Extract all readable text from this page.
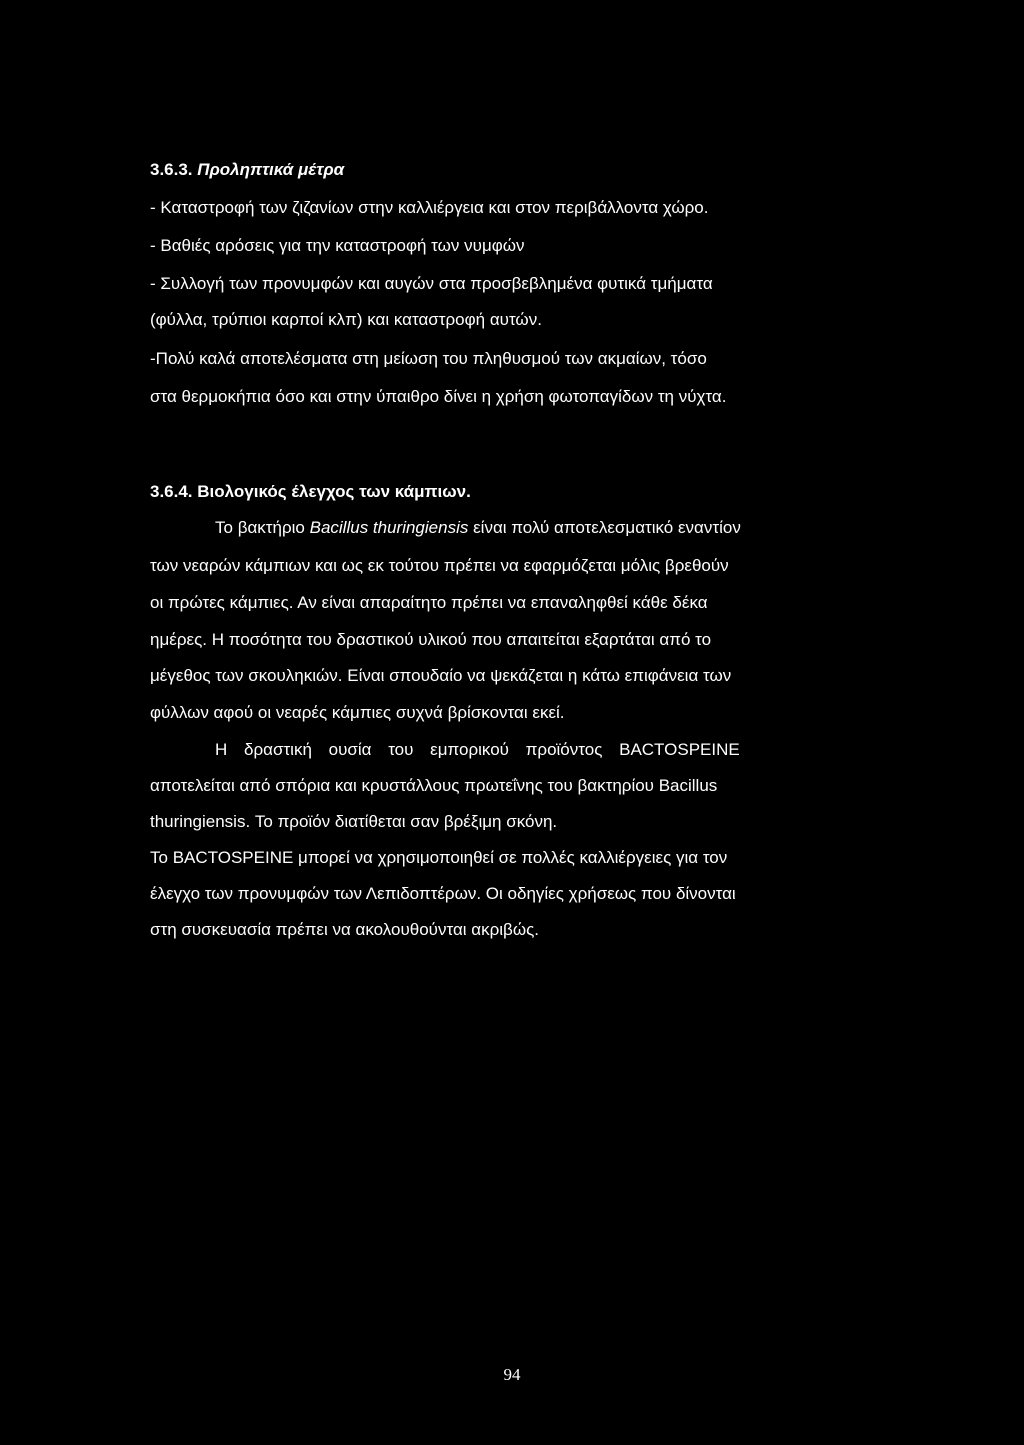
3.6.3. Προληπτικά μέτρα
- Καταστροφή των ζιζανίων στην καλλιέργεια και στον περιβάλλοντα χώρο.
- Βαθιές αρόσεις για την καταστροφή των νυμφών
- Συλλογή των προνυμφών και αυγών στα προσβεβλημένα φυτικά τμήματα
(φύλλα, τρύπιοι καρποί κλπ) και καταστροφή αυτών.
-Πολύ καλά αποτελέσματα στη μείωση του πληθυσμού των ακμαίων, τόσο
στα θερμοκήπια όσο και στην ύπαιθρο δίνει η χρήση φωτοπαγίδων τη νύχτα.
3.6.4. Βιολογικός έλεγχος των κάμπιων.
Το βακτήριο Bacillus thuringiensis είναι πολύ αποτελεσματικό εναντίον
των νεαρών κάμπιων και ως εκ τούτου πρέπει να εφαρμόζεται μόλις βρεθούν
οι πρώτες κάμπιες. Αν είναι απαραίτητο πρέπει να επαναληφθεί κάθε δέκα
ημέρες. Η ποσότητα του δραστικού υλικού που απαιτείται εξαρτάται από το
μέγεθος των σκουληκιών. Είναι σπουδαίο να ψεκάζεται η κάτω επιφάνεια των
φύλλων αφού οι νεαρές κάμπιες συχνά βρίσκονται εκεί.
Η δραστική ουσία του εμπορικού προϊόντος BACTOSPEINE
αποτελείται από σπόρια και κρυστάλλους πρωτεΐνης του βακτηρίου Bacillus
thuringiensis. Το προϊόν διατίθεται σαν βρέξιμη σκόνη.
Το BACTOSPEINE μπορεί να χρησιμοποιηθεί σε πολλές καλλιέργειες για τον
έλεγχο των προνυμφών των Λεπιδοπτέρων. Οι οδηγίες χρήσεως που δίνονται
στη συσκευασία πρέπει να ακολουθούνται ακριβώς.
94
